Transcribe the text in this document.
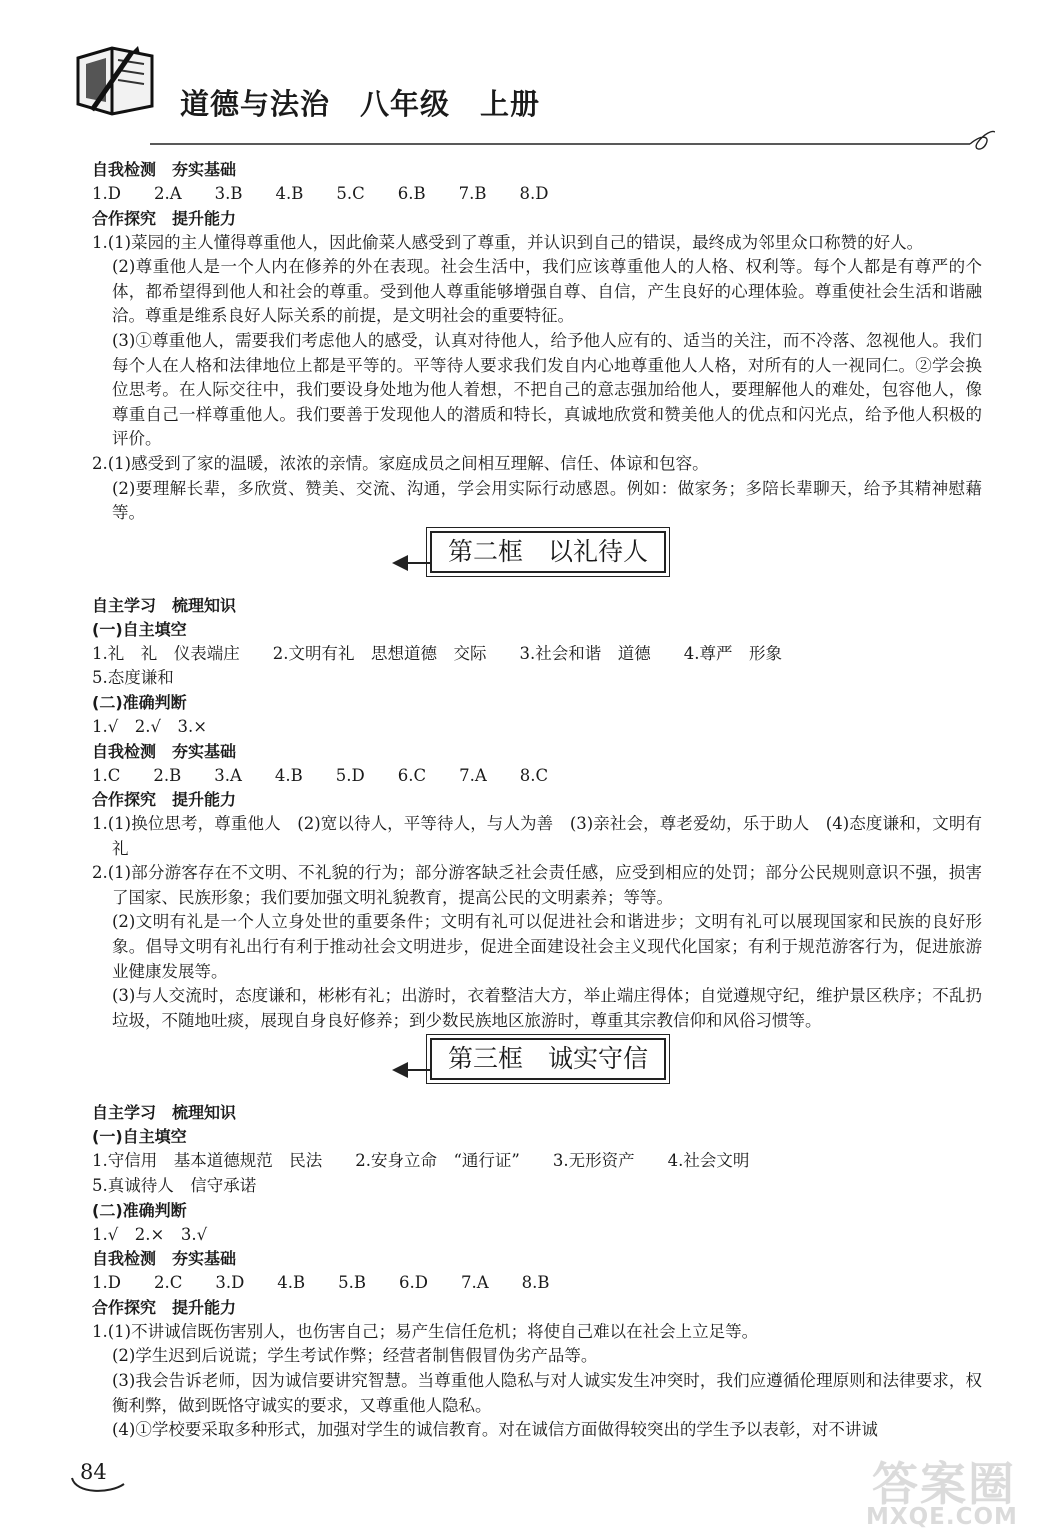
道德与法治　八年级　上册
自我检测　夯实基础
1.D　　2.A　　3.B　　4.B　　5.C　　6.B　　7.B　　8.D
合作探究　提升能力
1.(1)菜园的主人懂得尊重他人，因此偷菜人感受到了尊重，并认识到自己的错误，最终成为邻里众口称赞的好人。
(2)尊重他人是一个人内在修养的外在表现。社会生活中，我们应该尊重他人的人格、权利等。每个人都是有尊严的个体，都希望得到他人和社会的尊重。受到他人尊重能够增强自尊、自信，产生良好的心理体验。尊重使社会生活和谐融洽。尊重是维系良好人际关系的前提，是文明社会的重要特征。
(3)①尊重他人，需要我们考虑他人的感受，认真对待他人，给予他人应有的、适当的关注，而不冷落、忽视他人。我们每个人在人格和法律地位上都是平等的。平等待人要求我们发自内心地尊重他人人格，对所有的人一视同仁。②学会换位思考。在人际交往中，我们要设身处地为他人着想，不把自己的意志强加给他人，要理解他人的难处，包容他人，像尊重自己一样尊重他人。我们要善于发现他人的潜质和特长，真诚地欣赏和赞美他人的优点和闪光点，给予他人积极的评价。
2.(1)感受到了家的温暖，浓浓的亲情。家庭成员之间相互理解、信任、体谅和包容。
(2)要理解长辈，多欣赏、赞美、交流、沟通，学会用实际行动感恩。例如：做家务；多陪长辈聊天，给予其精神慰藉等。
第二框　以礼待人
自主学习　梳理知识
(一)自主填空
1.礼　礼　仪表端庄　　2.文明有礼　思想道德　交际　　3.社会和谐　道德　　4.尊严　形象
5.态度谦和
(二)准确判断
1.√　2.√　3.×
自我检测　夯实基础
1.C　　2.B　　3.A　　4.B　　5.D　　6.C　　7.A　　8.C
合作探究　提升能力
1.(1)换位思考，尊重他人　(2)宽以待人，平等待人，与人为善　(3)亲社会，尊老爱幼，乐于助人　(4)态度谦和，文明有礼
2.(1)部分游客存在不文明、不礼貌的行为；部分游客缺乏社会责任感，应受到相应的处罚；部分公民规则意识不强，损害了国家、民族形象；我们要加强文明礼貌教育，提高公民的文明素养；等等。
(2)文明有礼是一个人立身处世的重要条件；文明有礼可以促进社会和谐进步；文明有礼可以展现国家和民族的良好形象。倡导文明有礼出行有利于推动社会文明进步，促进全面建设社会主义现代化国家；有利于规范游客行为，促进旅游业健康发展等。
(3)与人交流时，态度谦和，彬彬有礼；出游时，衣着整洁大方，举止端庄得体；自觉遵规守纪，维护景区秩序；不乱扔垃圾，不随地吐痰，展现自身良好修养；到少数民族地区旅游时，尊重其宗教信仰和风俗习惯等。
第三框　诚实守信
自主学习　梳理知识
(一)自主填空
1.守信用　基本道德规范　民法　　2.安身立命　“通行证”　　3.无形资产　　4.社会文明
5.真诚待人　信守承诺
(二)准确判断
1.√　2.×　3.√
自我检测　夯实基础
1.D　　2.C　　3.D　　4.B　　5.B　　6.D　　7.A　　8.B
合作探究　提升能力
1.(1)不讲诚信既伤害别人，也伤害自己；易产生信任危机；将使自己难以在社会上立足等。
(2)学生迟到后说谎；学生考试作弊；经营者制售假冒伪劣产品等。
(3)我会告诉老师，因为诚信要讲究智慧。当尊重他人隐私与对人诚实发生冲突时，我们应遵循伦理原则和法律要求，权衡利弊，做到既恪守诚实的要求，又尊重他人隐私。
(4)①学校要采取多种形式，加强对学生的诚信教育。对在诚信方面做得较突出的学生予以表彰，对不讲诚
84	答案圈
MXQE.COM
